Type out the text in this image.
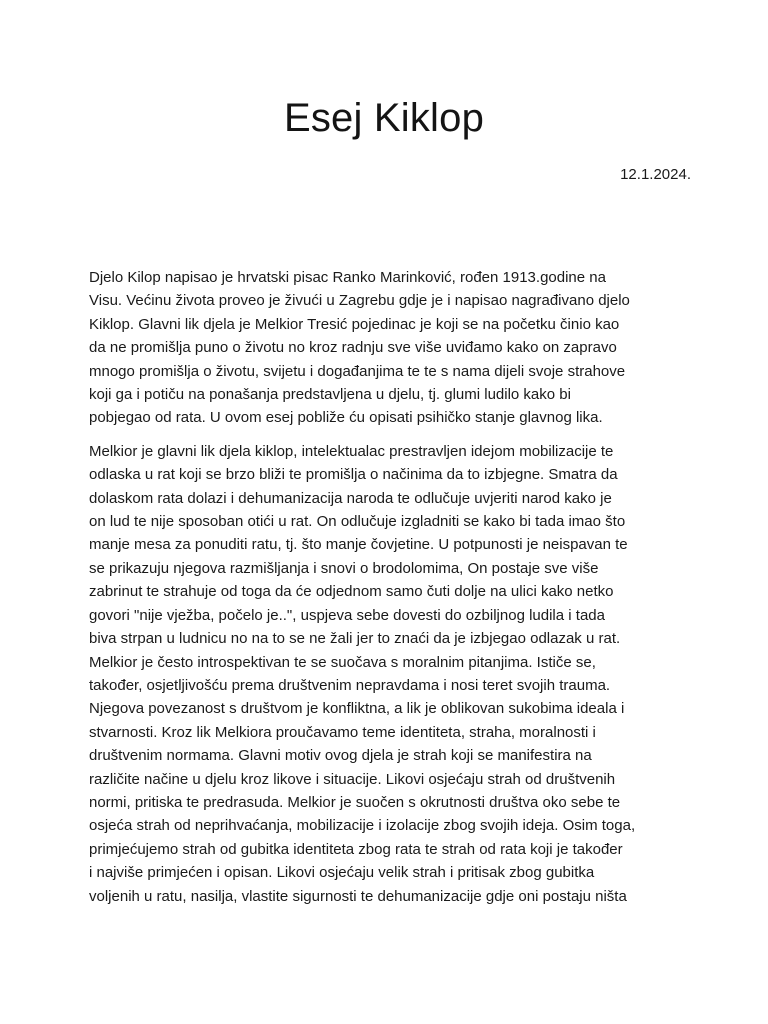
Esej Kiklop

12.1.2024.

Djelo Kilop napisao je hrvatski pisac Ranko Marinković, rođen 1913.godine na
Visu. Većinu života proveo je živući u Zagrebu gdje je i napisao nagrađivano djelo
Kiklop. Glavni lik djela je Melkior Tresić pojedinac je koji se na početku činio kao
da ne promišlja puno o životu no kroz radnju sve više uviđamo kako on zapravo
mnogo promišlja o životu, svijetu i događanjima te te s nama dijeli svoje strahove
koji ga i potiču na ponašanja predstavljena u djelu, tj. glumi ludilo kako bi
pobjegao od rata. U ovom esej pobliže ću opisati psihičko stanje glavnog lika.
Melkior je glavni lik djela kiklop, intelektualac prestravljen idejom mobilizacije te
odlaska u rat koji se brzo bliži te promišlja o načinima da to izbjegne. Smatra da
dolaskom rata dolazi i dehumanizacija naroda te odlučuje uvjeriti narod kako je
on lud te nije sposoban otići u rat. On odlučuje izgladniti se kako bi tada imao što
manje mesa za ponuditi ratu, tj. što manje čovjetine. U potpunosti je neispavan te
se prikazuju njegova razmišljanja i snovi o brodolomima, On postaje sve više
zabrinut te strahuje od toga da će odjednom samo čuti dolje na ulici kako netko
govori "nije vježba, počelo je..", uspjeva sebe dovesti do ozbiljnog ludila i tada
biva strpan u ludnicu no na to se ne žali jer to znaći da je izbjegao odlazak u rat.
Melkior je često introspektivan te se suočava s moralnim pitanjima. Ističe se,
također, osjetljivošću prema društvenim nepravdama i nosi teret svojih trauma.
Njegova povezanost s društvom je konfliktna, a lik je oblikovan sukobima ideala i
stvarnosti. Kroz lik Melkiora proučavamo teme identiteta, straha, moralnosti i
društvenim normama. Glavni motiv ovog djela je strah koji se manifestira na
različite načine u djelu kroz likove i situacije. Likovi osjećaju strah od društvenih
normi, pritiska te predrasuda. Melkior je suočen s okrutnosti društva oko sebe te
osjeća strah od neprihvaćanja, mobilizacije i izolacije zbog svojih ideja. Osim toga,
primjećujemo strah od gubitka identiteta zbog rata te strah od rata koji je također
i najviše primjećen i opisan. Likovi osjećaju velik strah i pritisak zbog gubitka
voljenih u ratu, nasilja, vlastite sigurnosti te dehumanizacije gdje oni postaju ništa
